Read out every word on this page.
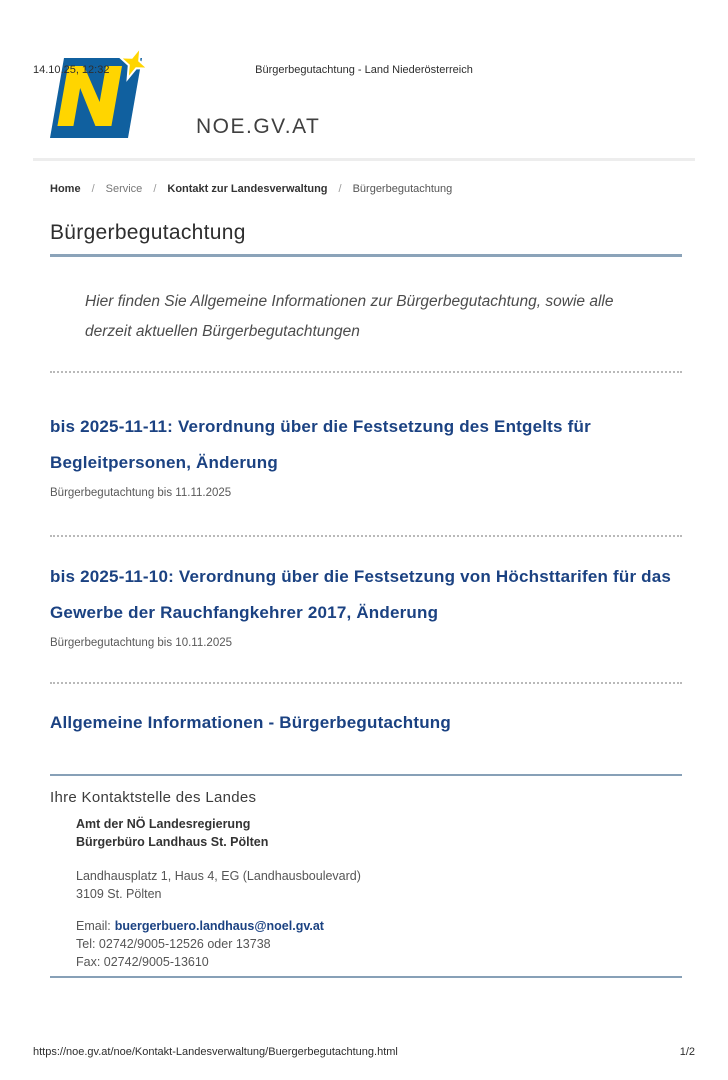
14.10.25, 12:32	Bürgerbegutachtung - Land Niederösterreich
NOE.GV.AT
Home / Service / Kontakt zur Landesverwaltung / Bürgerbegutachtung
Bürgerbegutachtung

Hier finden Sie Allgemeine Informationen zur Bürgerbegutachtung, sowie alle derzeit aktuellen Bürgerbegutachtungen

bis 2025-11-11: Verordnung über die Festsetzung des Entgelts für Begleitpersonen, Änderung
Bürgerbegutachtung bis 11.11.2025
bis 2025-11-10: Verordnung über die Festsetzung von Höchsttarifen für das Gewerbe der Rauchfangkehrer 2017, Änderung
Bürgerbegutachtung bis 10.11.2025
Allgemeine Informationen - Bürgerbegutachtung
Ihre Kontaktstelle des Landes
Amt der NÖ Landesregierung
Bürgerbüro Landhaus St. Pölten
Landhausplatz 1, Haus 4, EG (Landhausboulevard)
3109 St. Pölten
Email: buergerbuero.landhaus@noel.gv.at
Tel: 02742/9005-12526 oder 13738
Fax: 02742/9005-13610
https://noe.gv.at/noe/Kontakt-Landesverwaltung/Buergerbegutachtung.html	1/2
